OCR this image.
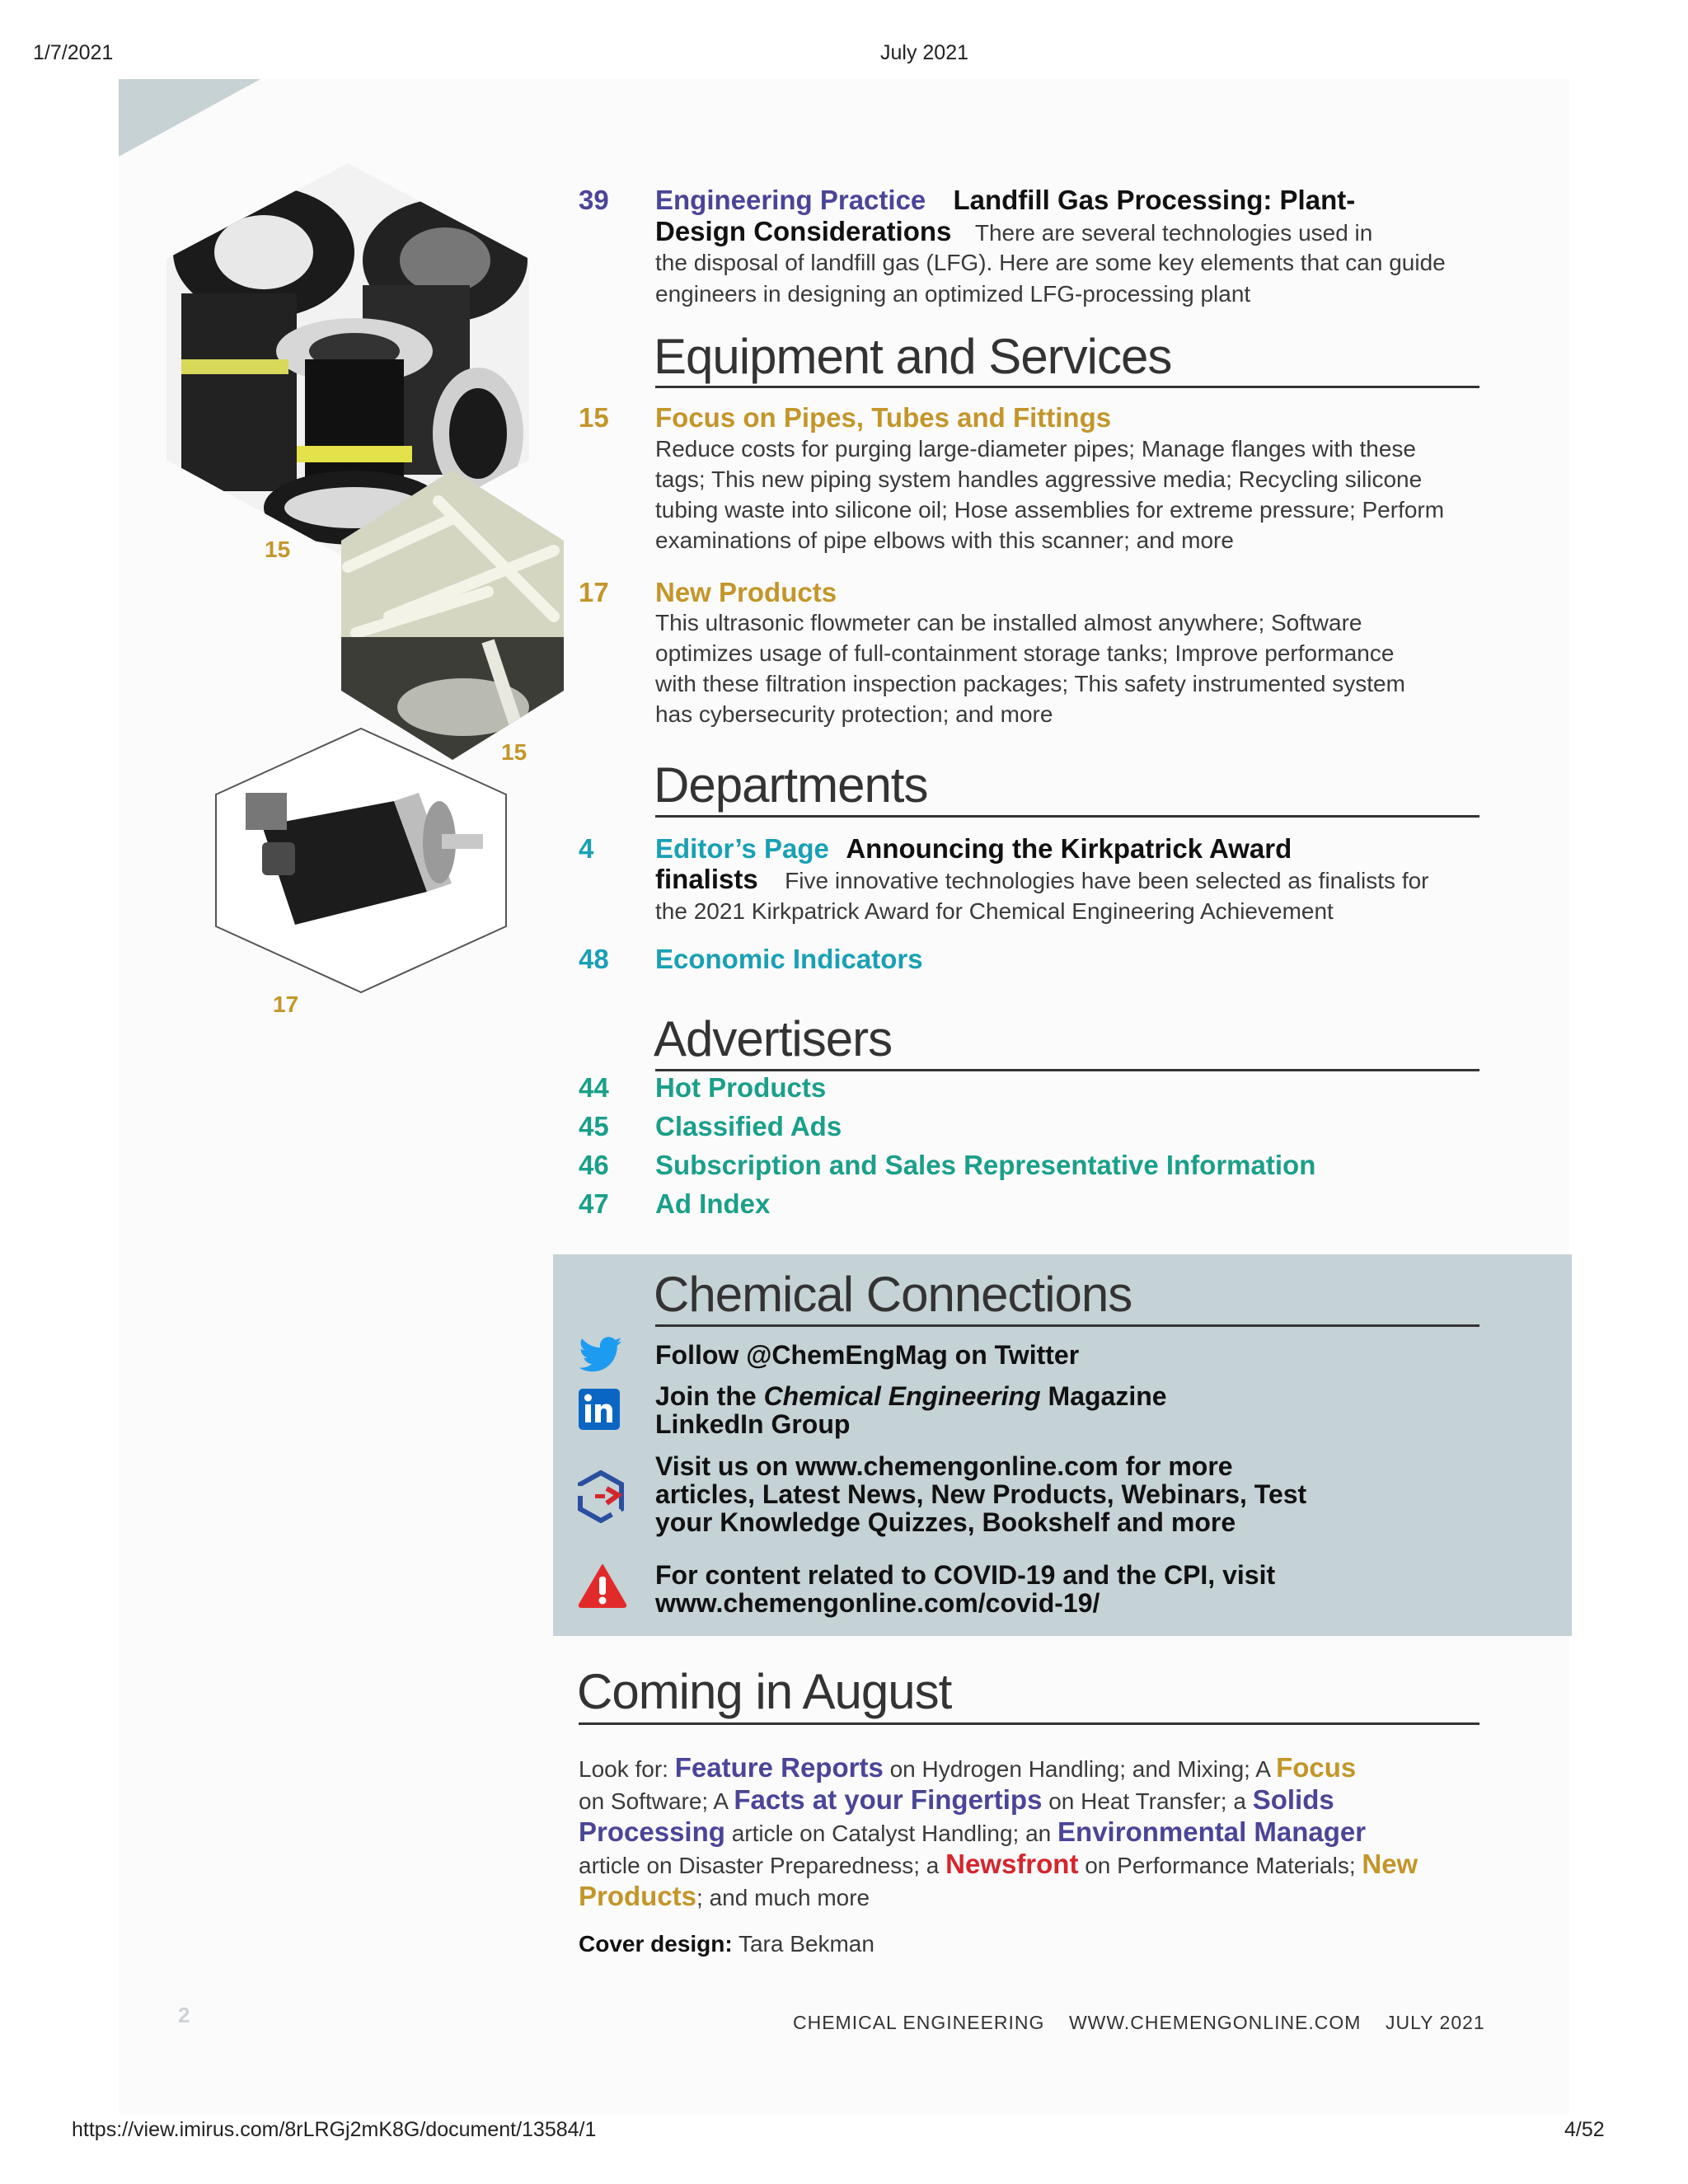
1/7/2021	July 2021
15
15
17
39 Engineering Practice Landfill Gas Processing: Plant-
Design Considerations There are several technologies used in
the disposal of landfill gas (LFG). Here are some key elements that can guide
engineers in designing an optimized LFG-processing plant
Equipment and Services
15 Focus on Pipes, Tubes and Fittings
Reduce costs for purging large-diameter pipes; Manage flanges with these
tags; This new piping system handles aggressive media; Recycling silicone
tubing waste into silicone oil; Hose assemblies for extreme pressure; Perform
examinations of pipe elbows with this scanner; and more
17 New Products
This ultrasonic flowmeter can be installed almost anywhere; Software
optimizes usage of full-containment storage tanks; Improve performance
with these filtration inspection packages; This safety instrumented system
has cybersecurity protection; and more
Departments
4 Editor’s Page Announcing the Kirkpatrick Award
finalists Five innovative technologies have been selected as finalists for
the 2021 Kirkpatrick Award for Chemical Engineering Achievement
48 Economic Indicators
Advertisers
44 Hot Products
45 Classified Ads
46 Subscription and Sales Representative Information
47 Ad Index
Chemical Connections
Follow @ChemEngMag on Twitter
Join the Chemical Engineering Magazine
LinkedIn Group
Visit us on www.chemengonline.com for more
articles, Latest News, New Products, Webinars, Test
your Knowledge Quizzes, Bookshelf and more
For content related to COVID-19 and the CPI, visit
www.chemengonline.com/covid-19/
Coming in August
Look for: Feature Reports on Hydrogen Handling; and Mixing; A Focus
on Software; A Facts at your Fingertips on Heat Transfer; a Solids
Processing article on Catalyst Handling; an Environmental Manager
article on Disaster Preparedness; a Newsfront on Performance Materials; New
Products; and much more
Cover design: Tara Bekman
2	CHEMICAL ENGINEERING    WWW.CHEMENGONLINE.COM    JULY 2021
https://view.imirus.com/8rLRGj2mK8G/document/13584/1	4/52
